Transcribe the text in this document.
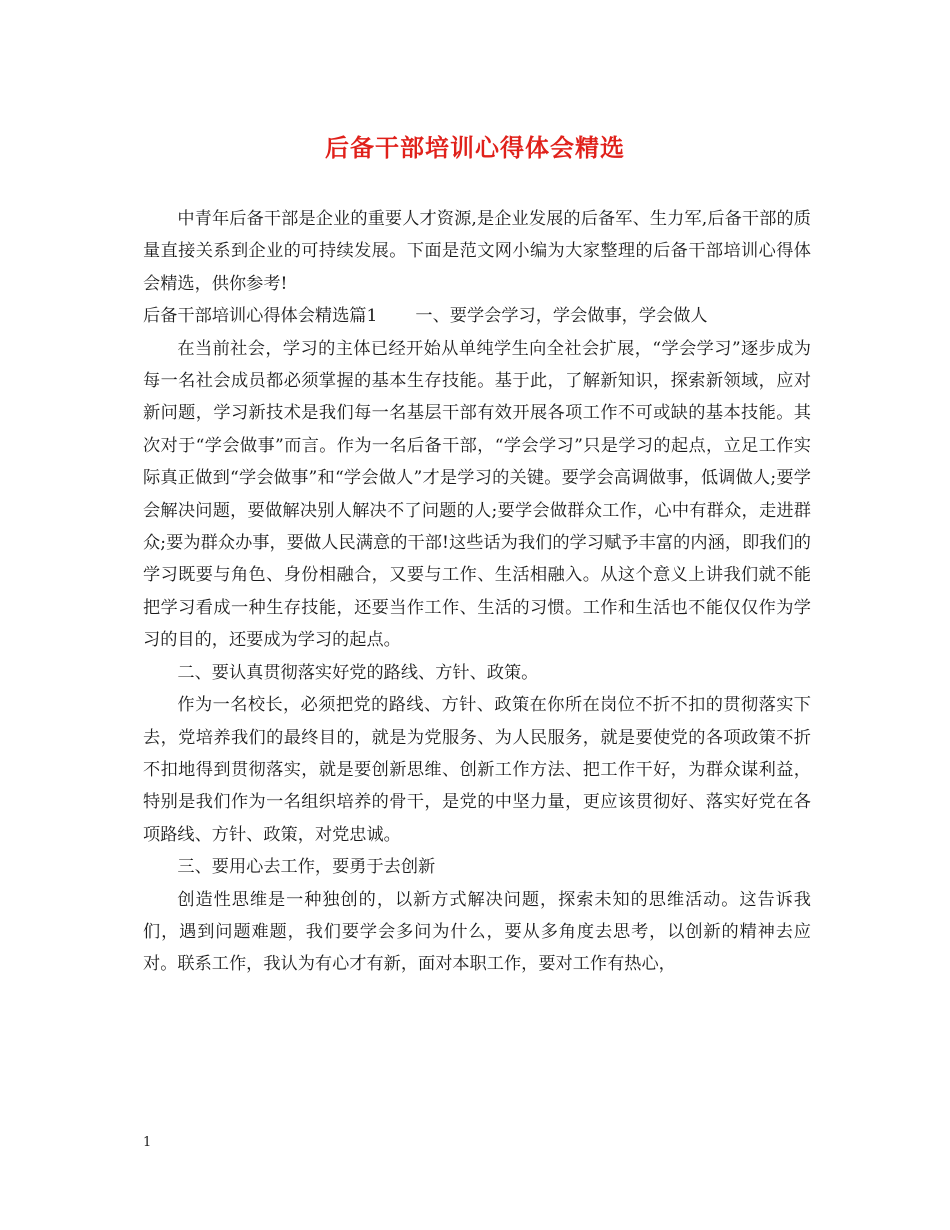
后备干部培训心得体会精选

中青年后备干部是企业的重要人才资源,是企业发展的后备军、生力军,后备干部的质量直接关系到企业的可持续发展。下面是范文网小编为大家整理的后备干部培训心得体会精选，供你参考!

后备干部培训心得体会精选篇1 一、要学会学习，学会做事，学会做人

在当前社会，学习的主体已经开始从单纯学生向全社会扩展，“学会学习”逐步成为每一名社会成员都必须掌握的基本生存技能。基于此，了解新知识，探索新领域，应对新问题，学习新技术是我们每一名基层干部有效开展各项工作不可或缺的基本技能。其次对于“学会做事”而言。作为一名后备干部，“学会学习”只是学习的起点，立足工作实际真正做到“学会做事”和“学会做人”才是学习的关键。要学会高调做事，低调做人;要学会解决问题，要做解决别人解决不了问题的人;要学会做群众工作，心中有群众，走进群众;要为群众办事，要做人民满意的干部!这些话为我们的学习赋予丰富的内涵，即我们的学习既要与角色、身份相融合，又要与工作、生活相融入。从这个意义上讲我们就不能把学习看成一种生存技能，还要当作工作、生活的习惯。工作和生活也不能仅仅作为学习的目的，还要成为学习的起点。

二、要认真贯彻落实好党的路线、方针、政策。

作为一名校长，必须把党的路线、方针、政策在你所在岗位不折不扣的贯彻落实下去，党培养我们的最终目的，就是为党服务、为人民服务，就是要使党的各项政策不折不扣地得到贯彻落实，就是要创新思维、创新工作方法、把工作干好，为群众谋利益，特别是我们作为一名组织培养的骨干，是党的中坚力量，更应该贯彻好、落实好党在各项路线、方针、政策，对党忠诚。

三、要用心去工作，要勇于去创新

创造性思维是一种独创的，以新方式解决问题，探索未知的思维活动。这告诉我们，遇到问题难题，我们要学会多问为什么，要从多角度去思考，以创新的精神去应对。联系工作，我认为有心才有新，面对本职工作，要对工作有热心，

1
